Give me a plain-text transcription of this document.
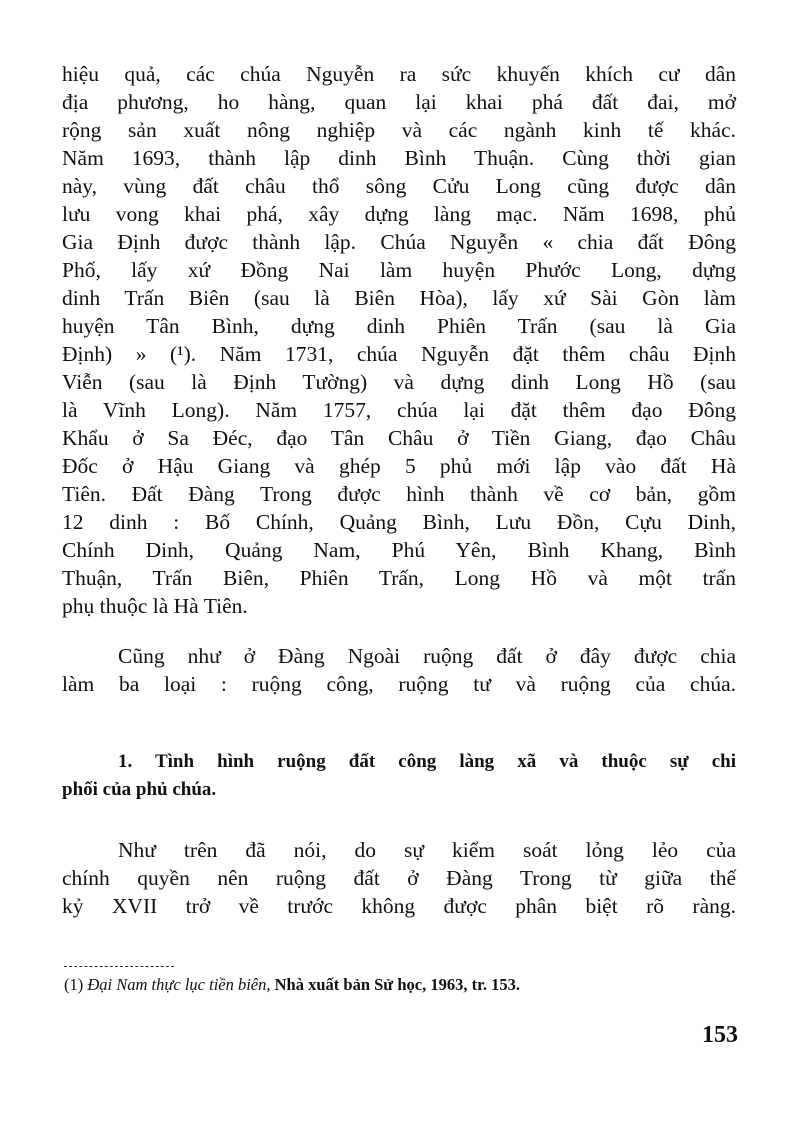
hiệu quả, các chúa Nguyễn ra sức khuyến khích cư dân
địa phương, ho hàng, quan lại khai phá đất đai, mở
rộng sản xuất nông nghiệp và các ngành kinh tế khác.
Năm 1693, thành lập dinh Bình Thuận. Cùng thời gian
này, vùng đất châu thổ sông Cửu Long cũng được dân
lưu vong khai phá, xây dựng làng mạc. Năm 1698, phủ
Gia Định được thành lập. Chúa Nguyễn « chia đất Đông
Phố, lấy xứ Đồng Nai làm huyện Phước Long, dựng
dinh Trấn Biên (sau là Biên Hòa), lấy xứ Sài Gòn làm
huyện Tân Bình, dựng dinh Phiên Trấn (sau là Gia
Định) » (¹). Năm 1731, chúa Nguyễn đặt thêm châu Định
Viễn (sau là Định Tường) và dựng dinh Long Hồ (sau
là Vĩnh Long). Năm 1757, chúa lại đặt thêm đạo Đông
Khẩu ở Sa Đéc, đạo Tân Châu ở Tiền Giang, đạo Châu
Đốc ở Hậu Giang và ghép 5 phủ mới lập vào đất Hà
Tiên. Đất Đàng Trong được hình thành về cơ bản, gồm
12 dinh : Bố Chính, Quảng Bình, Lưu Đồn, Cựu Dinh,
Chính Dinh, Quảng Nam, Phú Yên, Bình Khang, Bình
Thuận, Trấn Biên, Phiên Trấn, Long Hồ và một trấn
phụ thuộc là Hà Tiên.
Cũng như ở Đàng Ngoài ruộng đất ở đây được chia
làm ba loại : ruộng công, ruộng tư và ruộng của chúa.
1. Tình hình ruộng đất công làng xã và thuộc sự chi
phối của phủ chúa.
Như trên đã nói, do sự kiểm soát lỏng lẻo của
chính quyền nên ruộng đất ở Đàng Trong từ giữa thế
kỷ XVII trở về trước không được phân biệt rõ ràng.
(1) Đại Nam thực lục tiền biên, Nhà xuất bản Sử học, 1963, tr. 153.
153
